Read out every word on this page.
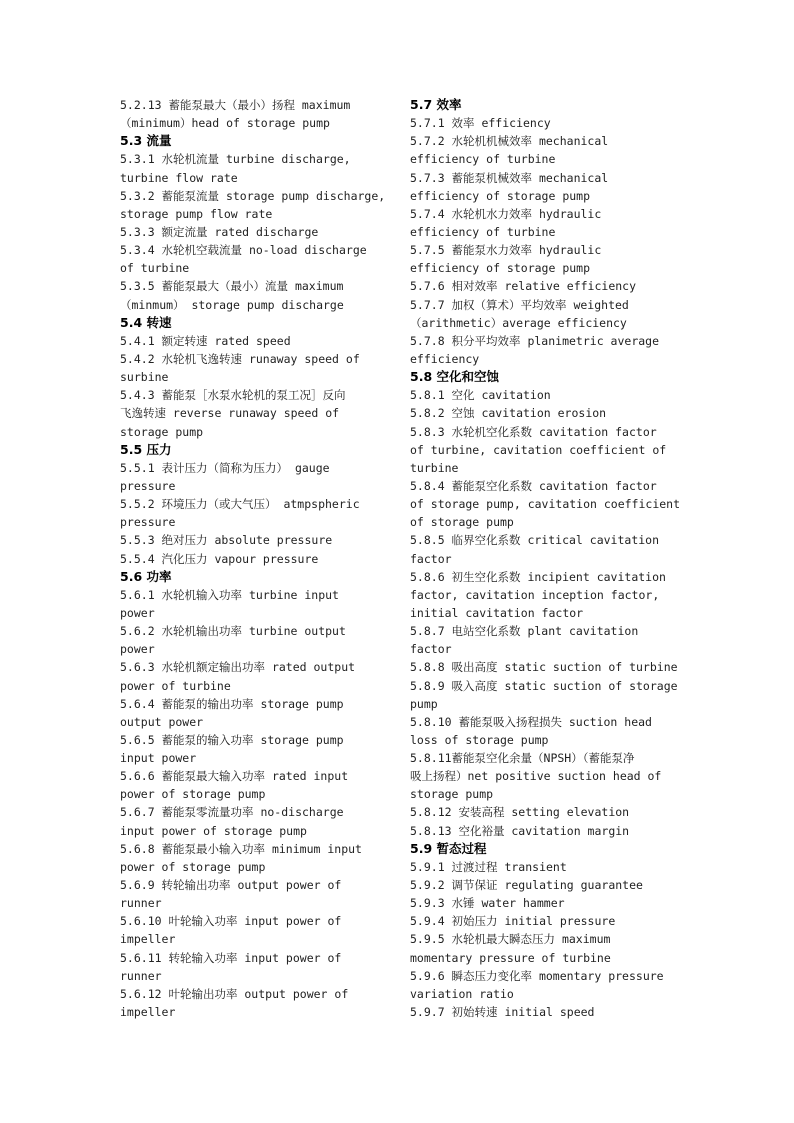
5.2.13 蓄能泵最大（最小）扬程 maximum
（minimum）head of storage pump
5.3 流量
5.3.1 水轮机流量 turbine discharge,
turbine flow rate
5.3.2 蓄能泵流量 storage pump discharge,
storage pump flow rate
5.3.3 额定流量 rated discharge
5.3.4 水轮机空载流量 no-load discharge
of turbine
5.3.5 蓄能泵最大（最小）流量 maximum
（minmum） storage pump discharge
5.4 转速
5.4.1 额定转速 rated speed
5.4.2 水轮机飞逸转速 runaway speed of
surbine
5.4.3 蓄能泵［水泵水轮机的泵工况］反向
飞逸转速 reverse runaway speed of
storage pump
5.5 压力
5.5.1 表计压力（简称为压力） gauge
pressure
5.5.2 环境压力（或大气压） atmpspheric
pressure
5.5.3 绝对压力 absolute pressure
5.5.4 汽化压力 vapour pressure
5.6 功率
5.6.1 水轮机输入功率 turbine input
power
5.6.2 水轮机输出功率 turbine output
power
5.6.3 水轮机额定输出功率 rated output
power of turbine
5.6.4 蓄能泵的输出功率 storage pump
output power
5.6.5 蓄能泵的输入功率 storage pump
input power
5.6.6 蓄能泵最大输入功率 rated input
power of storage pump
5.6.7 蓄能泵零流量功率 no-discharge
input power of storage pump
5.6.8 蓄能泵最小输入功率 minimum input
power of storage pump
5.6.9 转轮输出功率 output power of
runner
5.6.10 叶轮输入功率 input power of
impeller
5.6.11 转轮输入功率 input power of
runner
5.6.12 叶轮输出功率 output power of
impeller
5.7 效率
5.7.1 效率 efficiency
5.7.2 水轮机机械效率 mechanical
efficiency of turbine
5.7.3 蓄能泵机械效率 mechanical
efficiency of storage pump
5.7.4 水轮机水力效率 hydraulic
efficiency of turbine
5.7.5 蓄能泵水力效率 hydraulic
efficiency of storage pump
5.7.6 相对效率 relative efficiency
5.7.7 加权（算术）平均效率 weighted
（arithmetic）average efficiency
5.7.8 积分平均效率 planimetric average
efficiency
5.8 空化和空蚀
5.8.1 空化 cavitation
5.8.2 空蚀 cavitation erosion
5.8.3 水轮机空化系数 cavitation factor
of turbine, cavitation coefficient of
turbine
5.8.4 蓄能泵空化系数 cavitation factor
of storage pump, cavitation coefficient
of storage pump
5.8.5 临界空化系数 critical cavitation
factor
5.8.6 初生空化系数 incipient cavitation
factor, cavitation inception factor,
initial cavitation factor
5.8.7 电站空化系数 plant cavitation
factor
5.8.8 吸出高度 static suction of turbine
5.8.9 吸入高度 static suction of storage
pump
5.8.10 蓄能泵吸入扬程损失 suction head
loss of storage pump
5.8.11蓄能泵空化余量（NPSH）（蓄能泵净
吸上扬程）net positive suction head of
storage pump
5.8.12 安装高程 setting elevation
5.8.13 空化裕量 cavitation margin
5.9 暂态过程
5.9.1 过渡过程 transient
5.9.2 调节保证 regulating guarantee
5.9.3 水锤 water hammer
5.9.4 初始压力 initial pressure
5.9.5 水轮机最大瞬态压力 maximum
momentary pressure of turbine
5.9.6 瞬态压力变化率 momentary pressure
variation ratio
5.9.7 初始转速 initial speed
